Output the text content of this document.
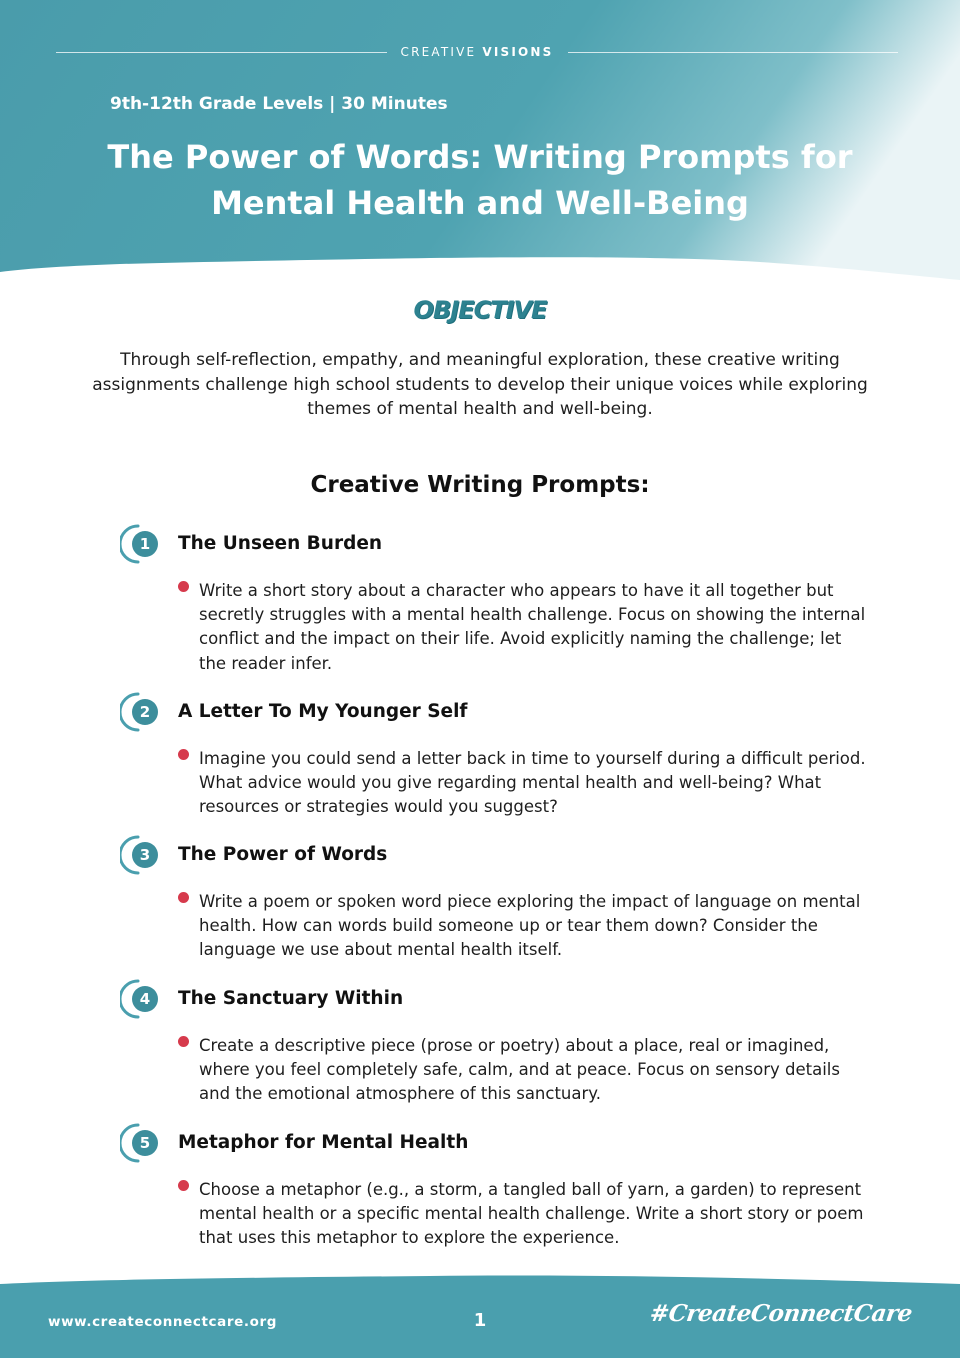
CREATIVE VISIONS
9th-12th Grade Levels | 30 Minutes
The Power of Words: Writing Prompts for Mental Health and Well-Being
OBJECTIVE
Through self-reflection, empathy, and meaningful exploration, these creative writing assignments challenge high school students to develop their unique voices while exploring themes of mental health and well-being.
Creative Writing Prompts:
1 The Unseen Burden
Write a short story about a character who appears to have it all together but secretly struggles with a mental health challenge. Focus on showing the internal conflict and the impact on their life. Avoid explicitly naming the challenge; let the reader infer.
2 A Letter To My Younger Self
Imagine you could send a letter back in time to yourself during a difficult period. What advice would you give regarding mental health and well-being? What resources or strategies would you suggest?
3 The Power of Words
Write a poem or spoken word piece exploring the impact of language on mental health. How can words build someone up or tear them down? Consider the language we use about mental health itself.
4 The Sanctuary Within
Create a descriptive piece (prose or poetry) about a place, real or imagined, where you feel completely safe, calm, and at peace. Focus on sensory details and the emotional atmosphere of this sanctuary.
5 Metaphor for Mental Health
Choose a metaphor (e.g., a storm, a tangled ball of yarn, a garden) to represent mental health or a specific mental health challenge. Write a short story or poem that uses this metaphor to explore the experience.
www.createconnectcare.org	1	#CreateConnectCare
